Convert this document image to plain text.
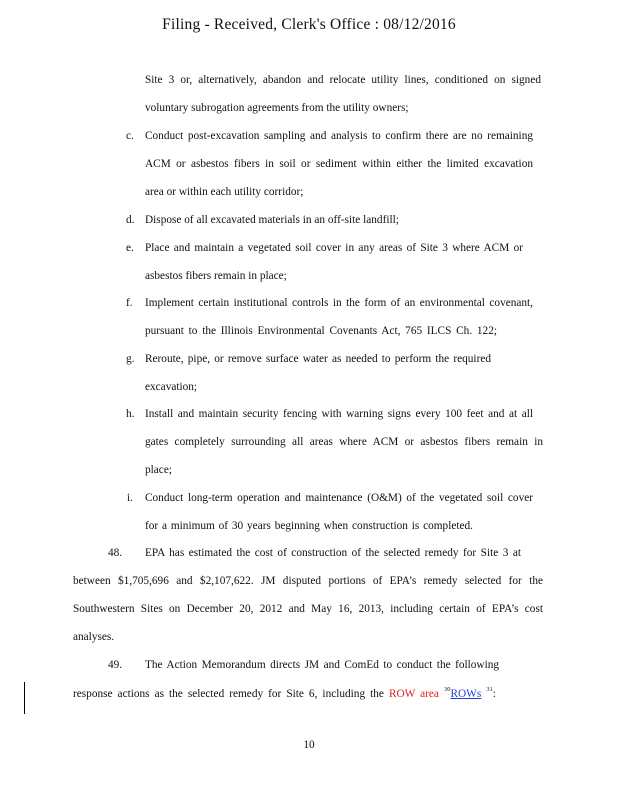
Filing - Received, Clerk's Office : 08/12/2016
Site 3 or, alternatively, abandon and relocate utility lines, conditioned on signed
voluntary subrogation agreements from the utility owners;
c. Conduct post-excavation sampling and analysis to confirm there are no remaining
ACM or asbestos fibers in soil or sediment within either the limited excavation
area or within each utility corridor;
d. Dispose of all excavated materials in an off-site landfill;
e. Place and maintain a vegetated soil cover in any areas of Site 3 where ACM or
asbestos fibers remain in place;
f. Implement certain institutional controls in the form of an environmental covenant,
pursuant to the Illinois Environmental Covenants Act, 765 ILCS Ch. 122;
g. Reroute, pipe, or remove surface water as needed to perform the required
excavation;
h. Install and maintain security fencing with warning signs every 100 feet and at all
gates completely surrounding all areas where ACM or asbestos fibers remain in
place;
i. Conduct long-term operation and maintenance (O&M) of the vegetated soil cover
for a minimum of 30 years beginning when construction is completed.
48. EPA has estimated the cost of construction of the selected remedy for Site 3 at
between $1,705,696 and $2,107,622. JM disputed portions of EPA’s remedy selected for the
Southwestern Sites on December 20, 2012 and May 16, 2013, including certain of EPA’s cost
analyses.
49. The Action Memorandum directs JM and ComEd to conduct the following
response actions as the selected remedy for Site 6, including the ROW area $^{30}$ROWs $^{31}$:
10
